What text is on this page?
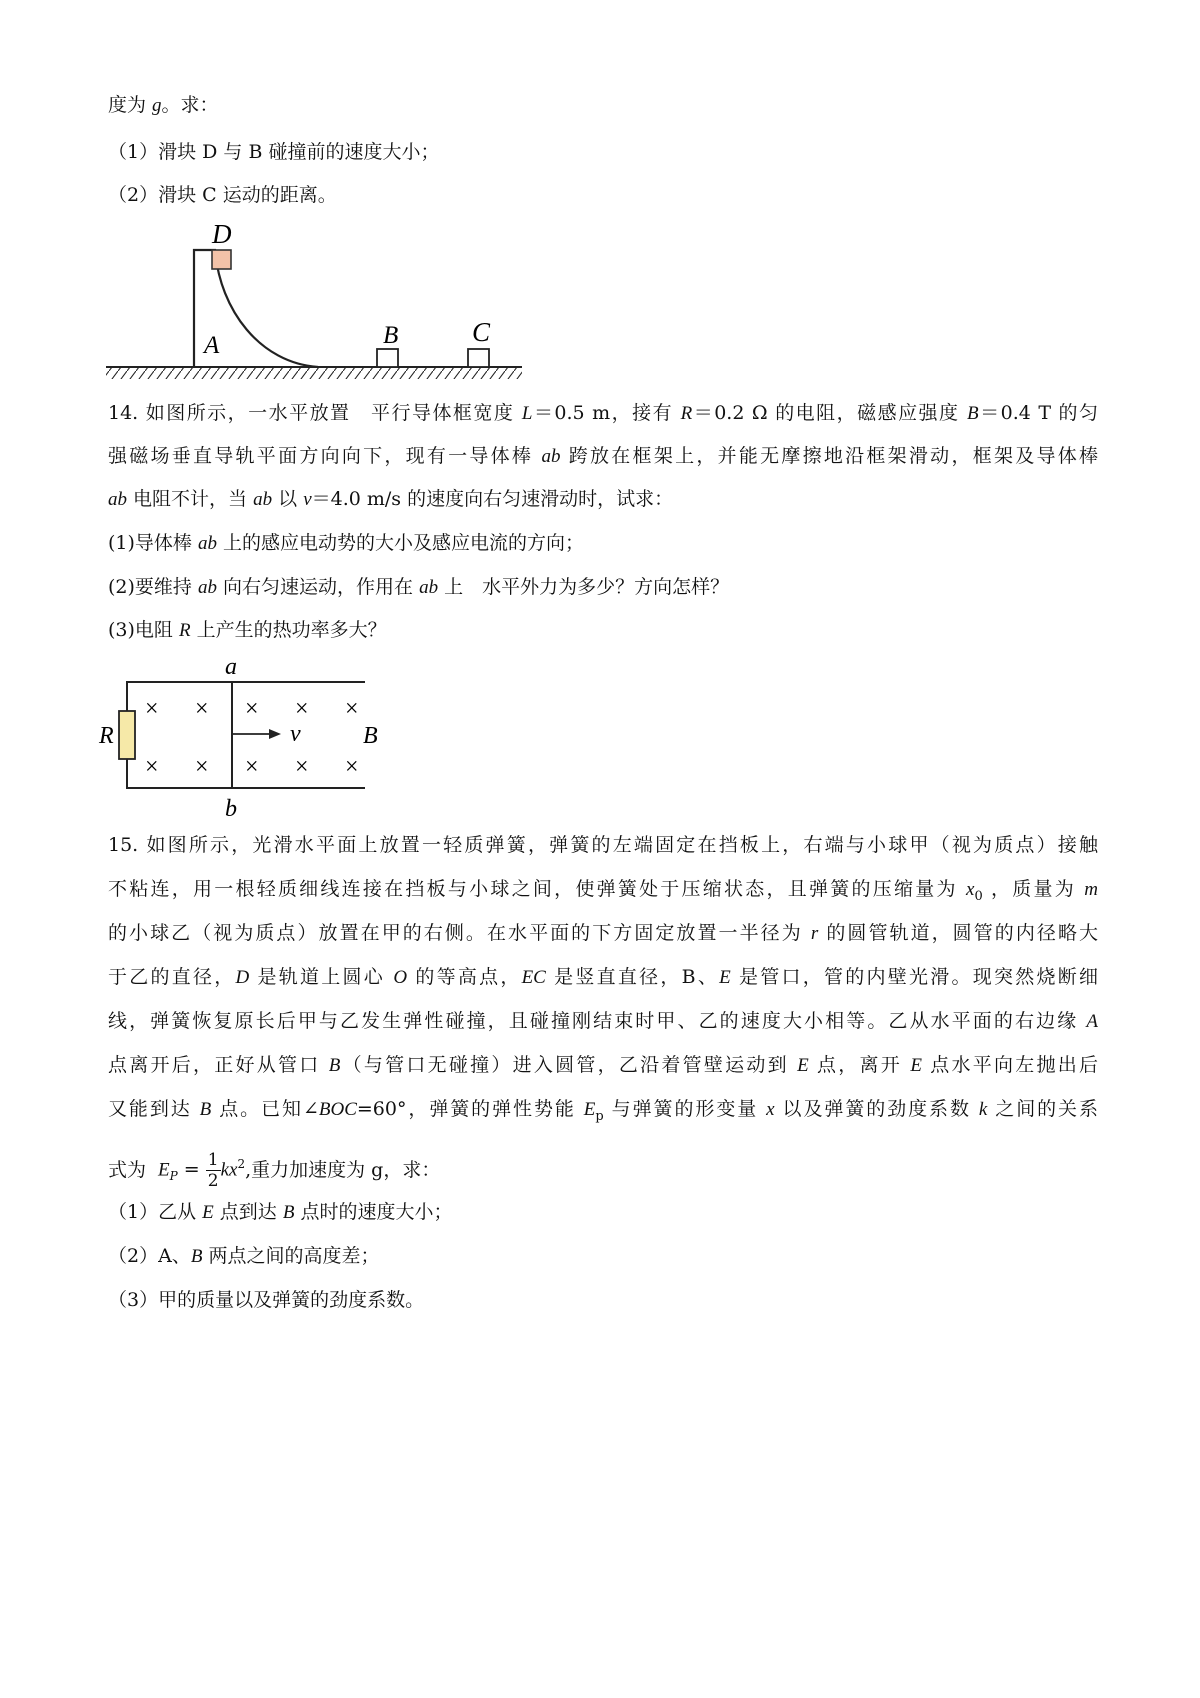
度为 g。求：
（1）滑块 D 与 B 碰撞前的速度大小；
（2）滑块 C 运动的距离。
D
A	B	C
14. 如图所示，一水平放置　平行导体框宽度 L＝0.5 m，接有 R＝0.2 Ω 的电阻，磁感应强度 B＝0.4 T 的匀
强磁场垂直导轨平面方向向下，现有一导体棒 ab 跨放在框架上，并能无摩擦地沿框架滑动，框架及导体棒
ab 电阻不计，当 ab 以 v＝4.0 m/s 的速度向右匀速滑动时，试求：
(1)导体棒 ab 上的感应电动势的大小及感应电流的方向；
(2)要维持 ab 向右匀速运动，作用在 ab 上　水平外力为多少？方向怎样？
(3)电阻 R 上产生的热功率多大？
× × × × ×
× × × × ×
a
b
R	v	B
15. 如图所示，光滑水平面上放置一轻质弹簧，弹簧的左端固定在挡板上，右端与小球甲（视为质点）接触
不粘连，用一根轻质细线连接在挡板与小球之间，使弹簧处于压缩状态，且弹簧的压缩量为 $x_0$ ，质量为 m
的小球乙（视为质点）放置在甲的右侧。在水平面的下方固定放置一半径为 r 的圆管轨道，圆管的内径略大
于乙的直径，D 是轨道上圆心 O 的等高点，EC 是竖直直径，B、E 是管口，管的内壁光滑。现突然烧断细
线，弹簧恢复原长后甲与乙发生弹性碰撞，且碰撞刚结束时甲、乙的速度大小相等。乙从水平面的右边缘 A
点离开后，正好从管口 B（与管口无碰撞）进入圆管，乙沿着管壁运动到 E 点，离开 E 点水平向左抛出后
又能到达 B 点。已知∠BOC=60°，弹簧的弹性势能 $E_p$ 与弹簧的形变量 x 以及弹簧的劲度系数 k 之间的关系
式为 $E_P = \frac{1}{2} kx^2$,重力加速度为 g，求：
（1）乙从 E 点到达 B 点时的速度大小；
（2）A、B 两点之间的高度差；
（3）甲的质量以及弹簧的劲度系数。
